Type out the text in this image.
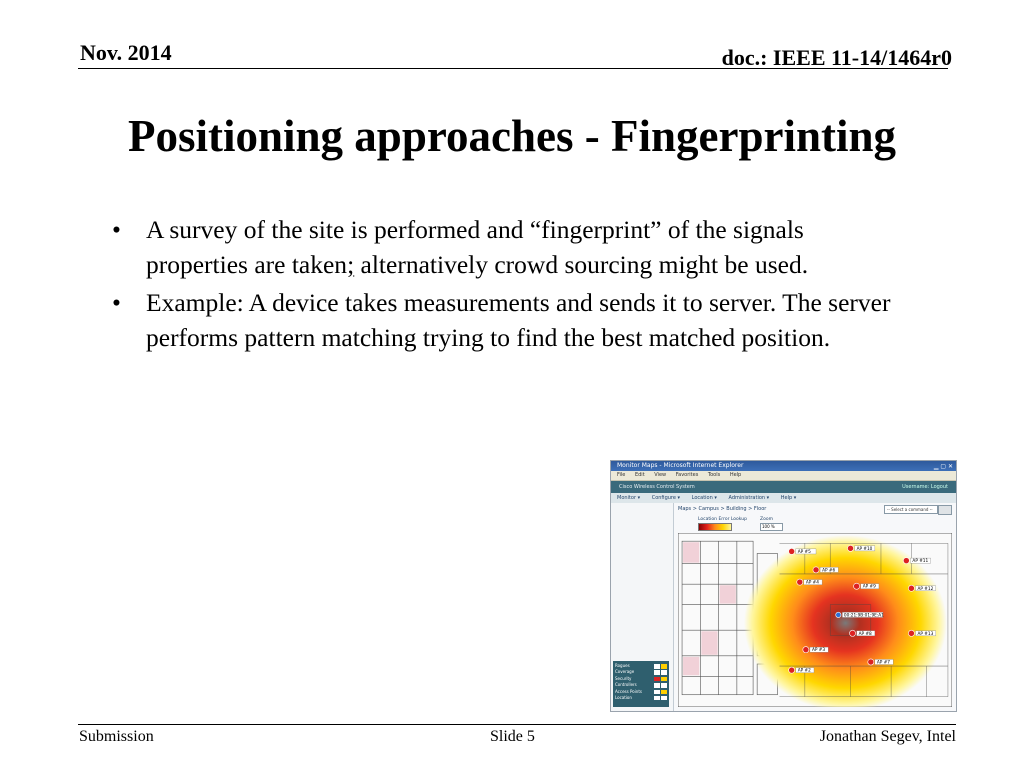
Nov. 2014	doc.: IEEE 11-14/1464r0
Positioning approaches - Fingerprinting
• A survey of the site is performed and “fingerprint” of the signals properties are taken; alternatively crowd sourcing might be used.
• Example: A device takes measurements and sends it to server. The server performs pattern matching trying to find the best matched position.
Monitor Maps - Microsoft Internet Explorer	▁ ▢ ✕
File Edit View Favorites Tools Help
Cisco Wireless Control System	Username: Logout
Monitor ▾ Configure ▾ Location ▾ Administration ▾ Help ▾
Rogues
Coverage
Security
Controllers
Access Points
Location
Maps > Campus > Building > Floor	-- Select a command --
Location Error Lookup	Zoom
100 %
AP #5
AP #10
AP #11
AP #4
AP #6
AP #9	AP #12
AP #8	AP #13
AP #3
AP #7
AP #2
00:21:9B:01:9E:A1
Submission	Slide 5	Jonathan Segev, Intel
